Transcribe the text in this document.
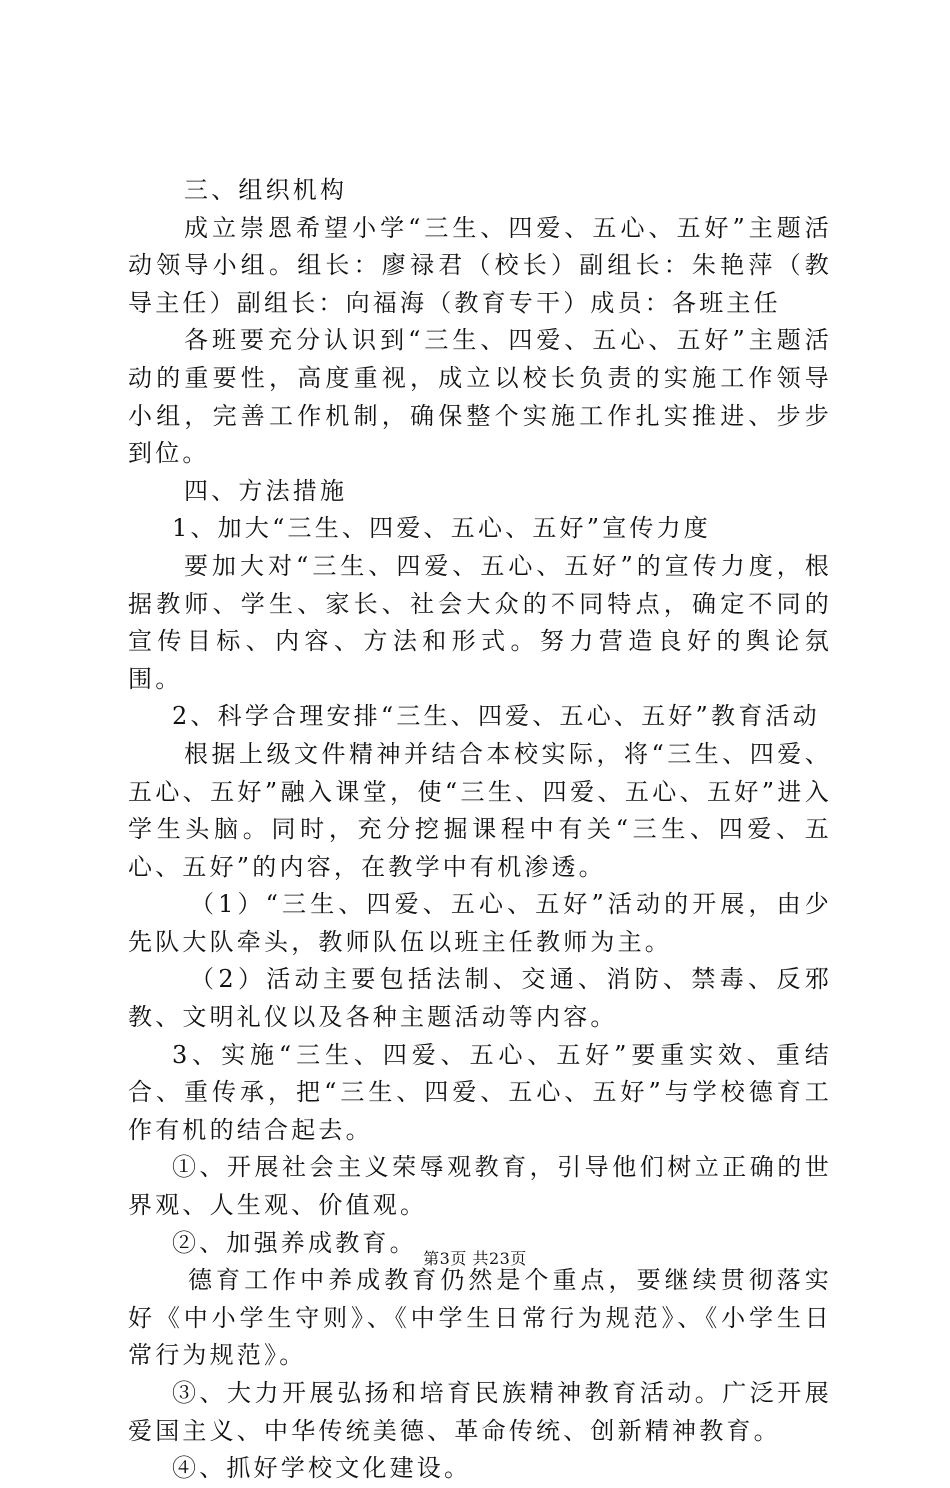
三、组织机构

成立崇恩希望小学“三生、四爱、五心、五好”主题活动领导小组。组长：廖禄君（校长）副组长：朱艳萍（教导主任）副组长：向福海（教育专干）成员：各班主任

各班要充分认识到“三生、四爱、五心、五好”主题活动的重要性，高度重视，成立以校长负责的实施工作领导小组，完善工作机制，确保整个实施工作扎实推进、步步到位。

四、方法措施

1、加大“三生、四爱、五心、五好”宣传力度

要加大对“三生、四爱、五心、五好”的宣传力度，根据教师、学生、家长、社会大众的不同特点，确定不同的宣传目标、内容、方法和形式。努力营造良好的舆论氛围。

2、科学合理安排“三生、四爱、五心、五好”教育活动

根据上级文件精神并结合本校实际，将“三生、四爱、五心、五好”融入课堂，使“三生、四爱、五心、五好”进入学生头脑。同时，充分挖掘课程中有关“三生、四爱、五心、五好”的内容，在教学中有机渗透。

（1）“三生、四爱、五心、五好”活动的开展，由少先队大队牵头，教师队伍以班主任教师为主。

（2）活动主要包括法制、交通、消防、禁毒、反邪教、文明礼仪以及各种主题活动等内容。

3、实施“三生、四爱、五心、五好”要重实效、重结合、重传承，把“三生、四爱、五心、五好”与学校德育工作有机的结合起去。

①、开展社会主义荣辱观教育，引导他们树立正确的世界观、人生观、价值观。

②、加强养成教育。

德育工作中养成教育仍然是个重点，要继续贯彻落实好《中小学生守则》、《中学生日常行为规范》、《小学生日常行为规范》。

③、大力开展弘扬和培育民族精神教育活动。广泛开展爱国主义、中华传统美德、革命传统、创新精神教育。

④、抓好学校文化建设。

第3页 共23页
